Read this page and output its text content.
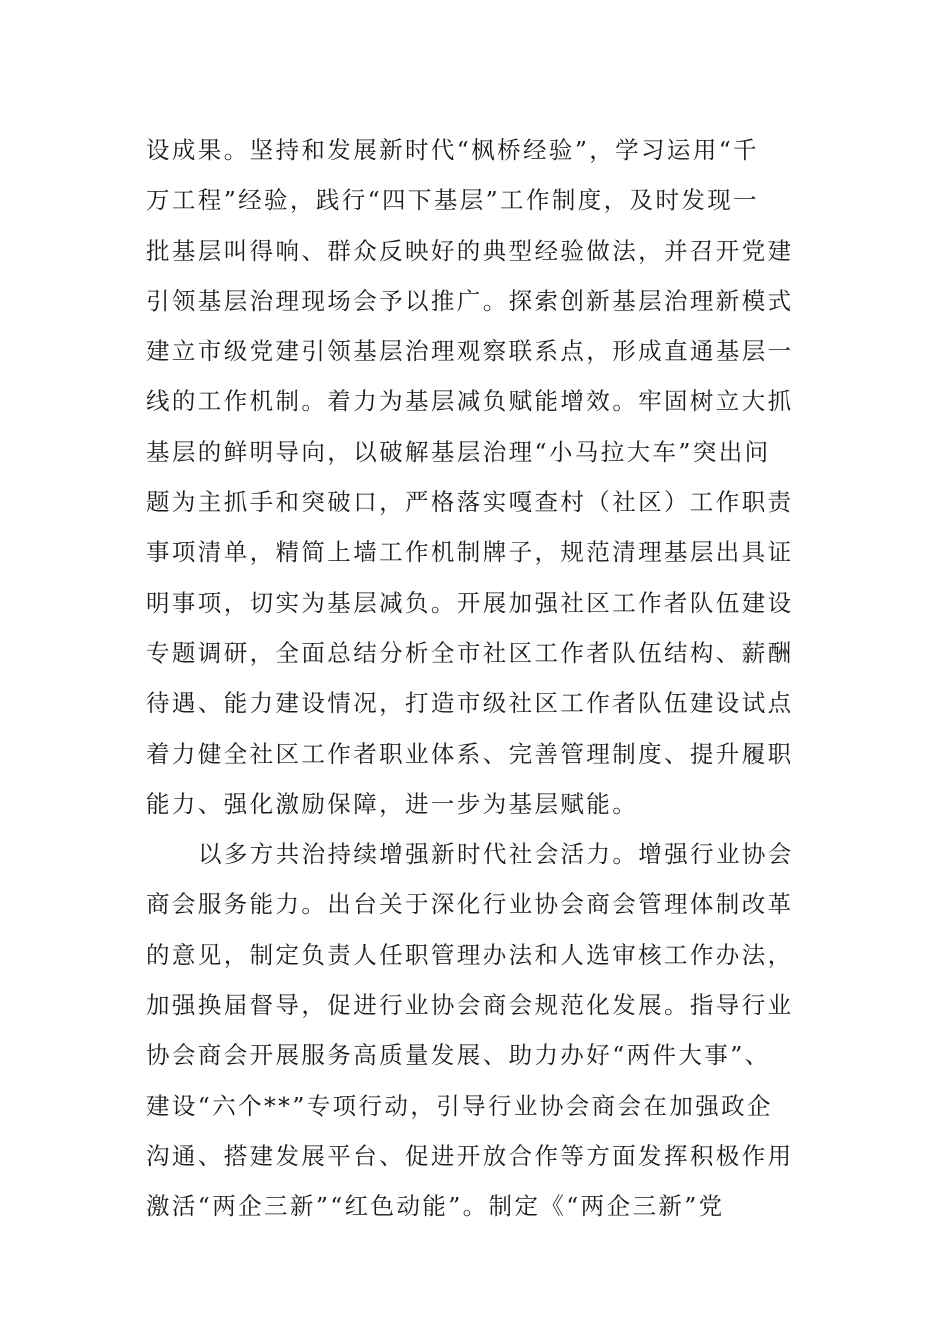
设成果。坚持和发展新时代“枫桥经验”，学习运用“千
万工程”经验，践行“四下基层”工作制度，及时发现一
批基层叫得响、群众反映好的典型经验做法，并召开党建
引领基层治理现场会予以推广。探索创新基层治理新模式
建立市级党建引领基层治理观察联系点，形成直通基层一
线的工作机制。着力为基层减负赋能增效。牢固树立大抓
基层的鲜明导向，以破解基层治理“小马拉大车”突出问
题为主抓手和突破口，严格落实嘎查村（社区）工作职责
事项清单，精简上墙工作机制牌子，规范清理基层出具证
明事项，切实为基层减负。开展加强社区工作者队伍建设
专题调研，全面总结分析全市社区工作者队伍结构、薪酬
待遇、能力建设情况，打造市级社区工作者队伍建设试点
着力健全社区工作者职业体系、完善管理制度、提升履职
能力、强化激励保障，进一步为基层赋能。
以多方共治持续增强新时代社会活力。增强行业协会
商会服务能力。出台关于深化行业协会商会管理体制改革
的意见，制定负责人任职管理办法和人选审核工作办法，
加强换届督导，促进行业协会商会规范化发展。指导行业
协会商会开展服务高质量发展、助力办好“两件大事”、
建设“六个**”专项行动，引导行业协会商会在加强政企
沟通、搭建发展平台、促进开放合作等方面发挥积极作用
激活“两企三新”“红色动能”。制定《“两企三新”党
